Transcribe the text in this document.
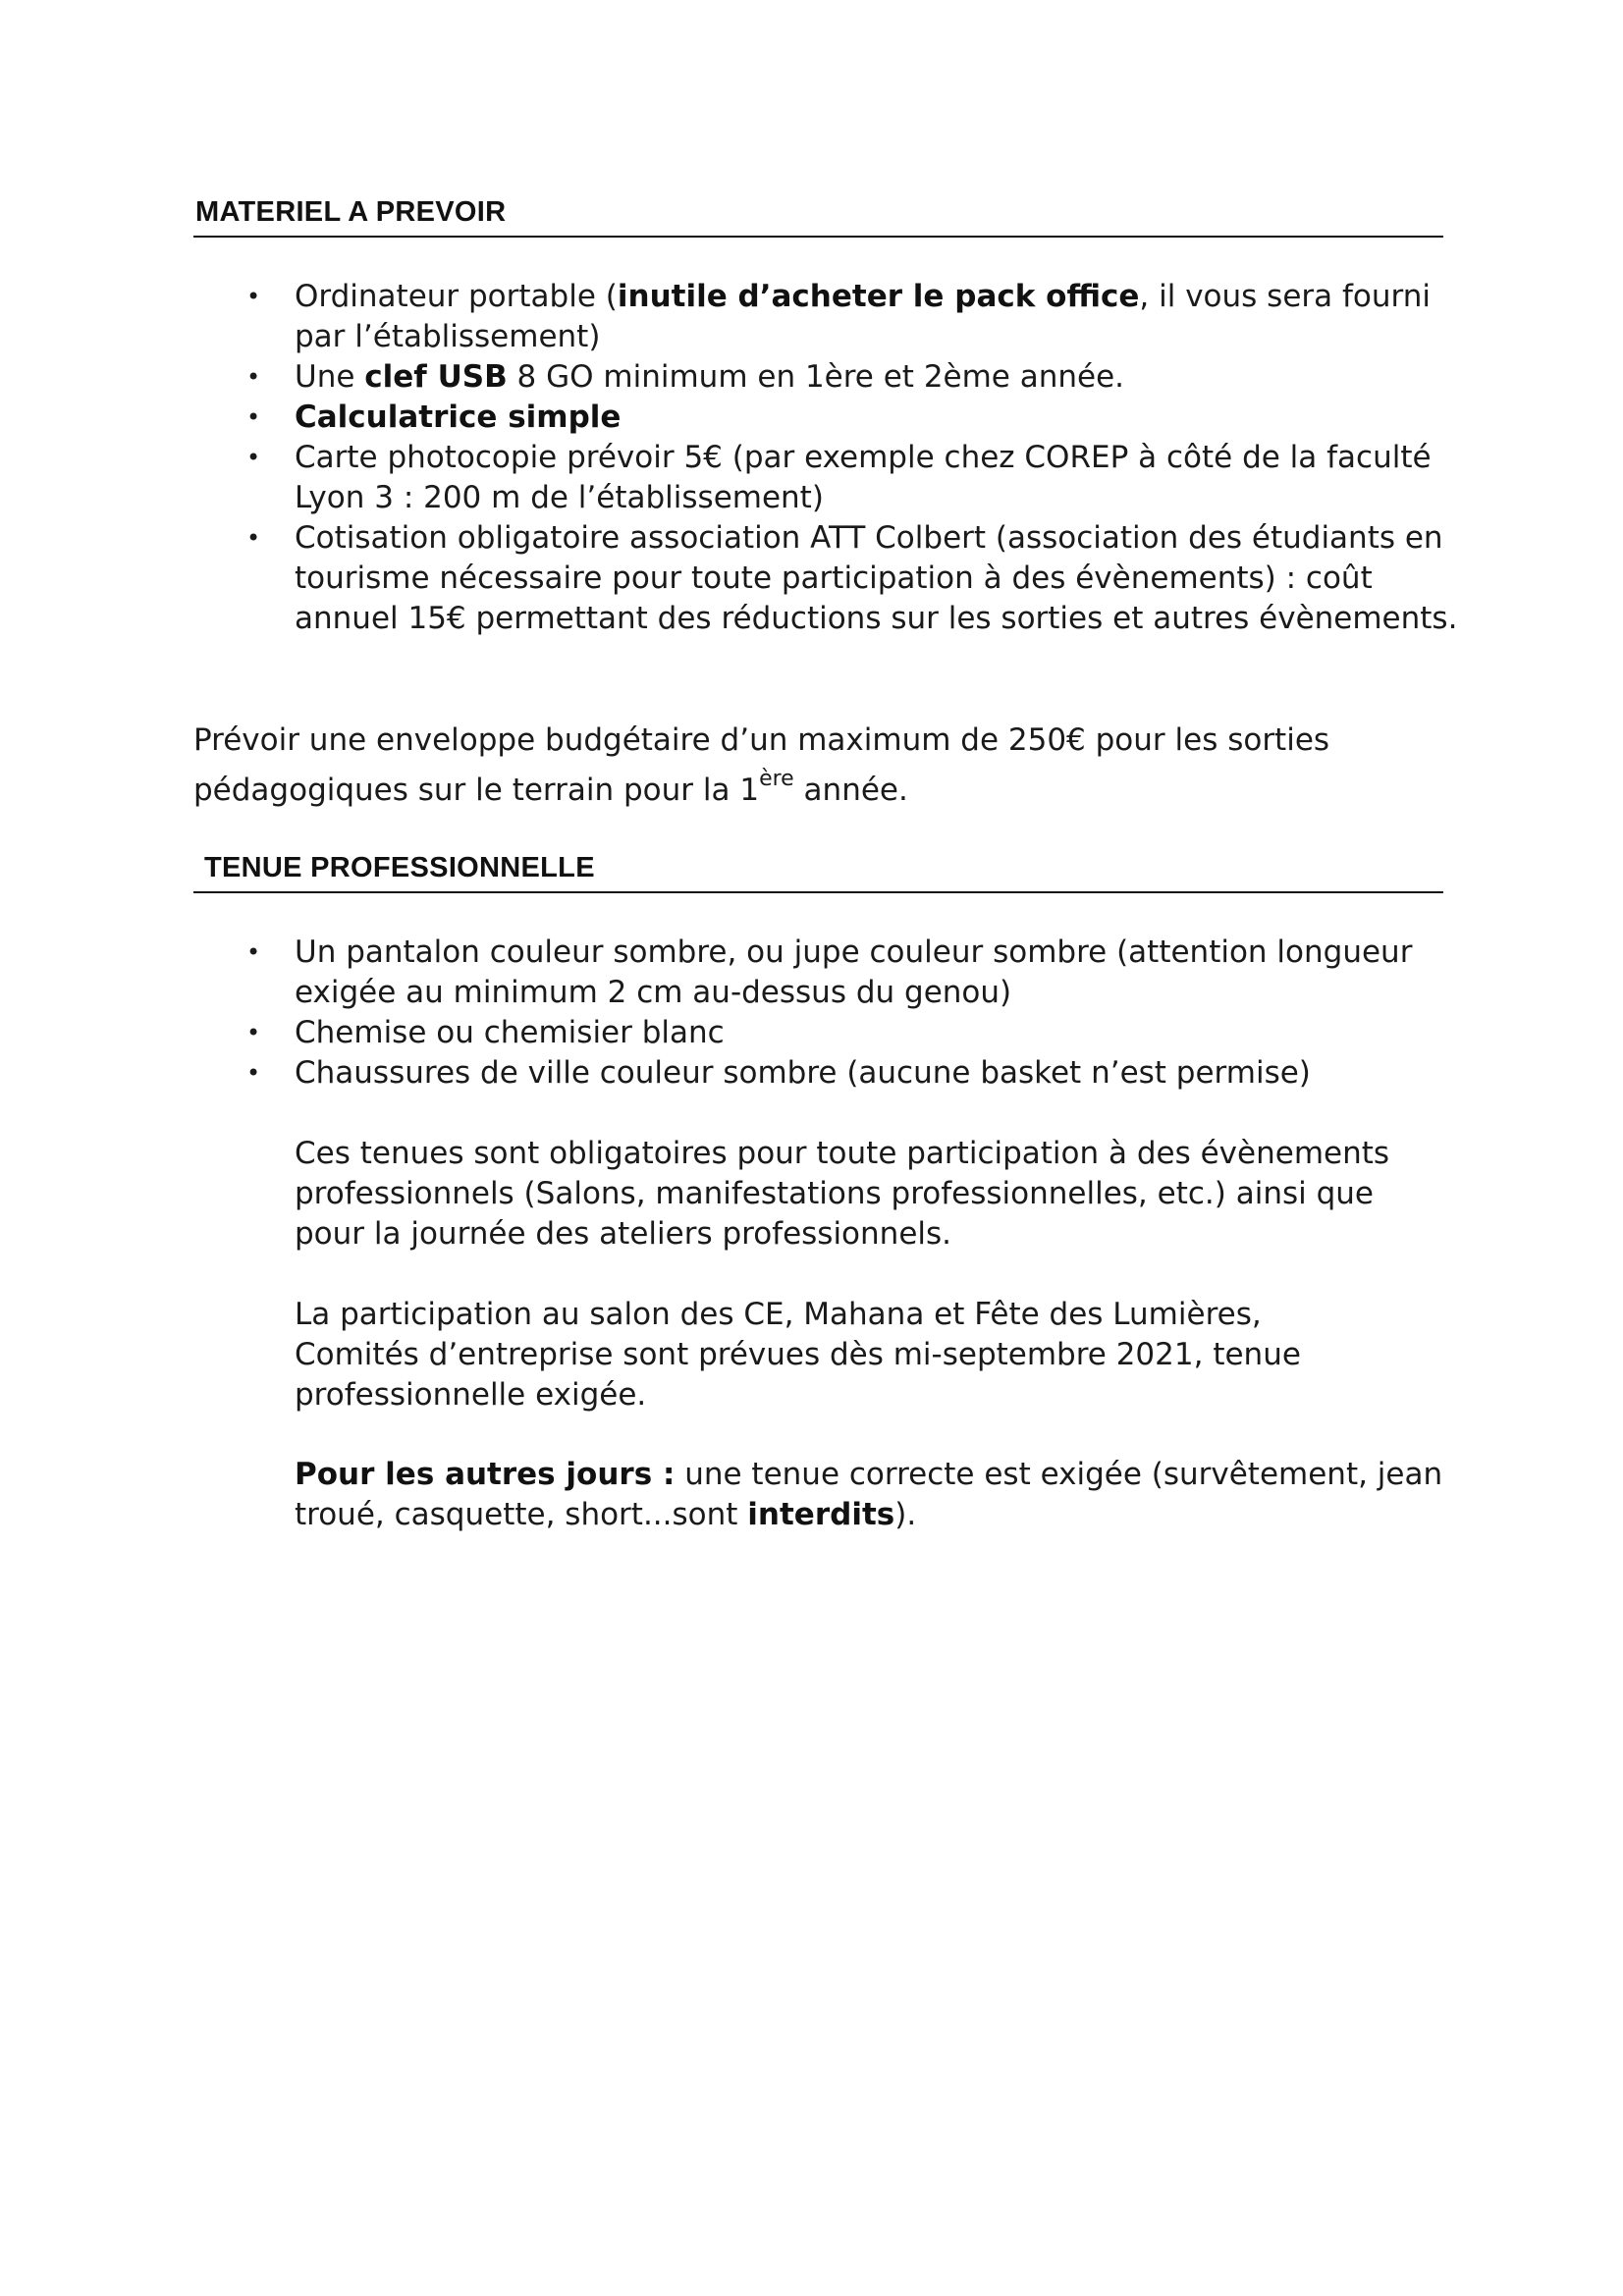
MATERIEL A PREVOIR
• Ordinateur portable (inutile d’acheter le pack office, il vous sera fourni par l’établissement)
• Une clef USB 8 GO minimum en 1ère et 2ème année.
• Calculatrice simple
• Carte photocopie prévoir 5€ (par exemple chez COREP à côté de la faculté Lyon 3 : 200 m de l’établissement)
• Cotisation obligatoire association ATT Colbert (association des étudiants en tourisme nécessaire pour toute participation à des évènements) : coût annuel 15€ permettant des réductions sur les sorties et autres évènements.
Prévoir une enveloppe budgétaire d’un maximum de 250€ pour les sorties
pédagogiques sur le terrain pour la 1ère année.
TENUE PROFESSIONNELLE
• Un pantalon couleur sombre, ou jupe couleur sombre (attention longueur exigée au minimum 2 cm au-dessus du genou)
• Chemise ou chemisier blanc
• Chaussures de ville couleur sombre (aucune basket n’est permise)
Ces tenues sont obligatoires pour toute participation à des évènements professionnels (Salons, manifestations professionnelles, etc.) ainsi que pour la journée des ateliers professionnels.
La participation au salon des CE, Mahana et Fête des Lumières, Comités d’entreprise sont prévues dès mi-septembre 2021, tenue professionnelle exigée.
Pour les autres jours : une tenue correcte est exigée (survêtement, jean troué, casquette, short...sont interdits).
